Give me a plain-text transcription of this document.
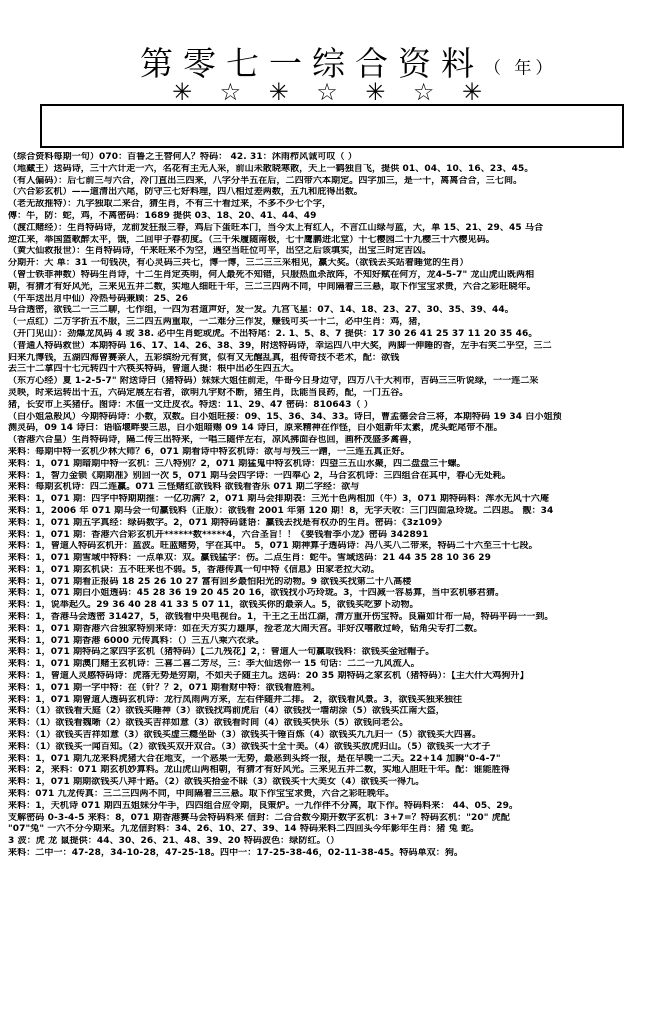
第零七一综合资料（ 年）
✳ ☆ ✳ ☆ ✳ ☆ ✳
（综合资料每期一句）070：百鲁之王替何人？特码： 42. 31：沐雨栉风诚可叹（ ）
（地藏王）送码诗，三十六计走一六，名花有主无人采，前山未散晓寒散，天上一鹤独自飞，提供 01、04、10、16、23、45。
（有人偏码）：后七前三与六合，冷门直出三四来，八字分半五在后，二四带六本期定。四字加三，是一十，离离合合，三七间。
（六合彩玄机）——道清出六尾，防守三七好料理，四八相过差两数，五九和庇得出数。
（老无敌推特）：九字独取二来合，猜生肖，不有三十看过来，不多不少七个字，
傅：牛，防：蛇，鸡，不离密码：1689 提供 03、18、20、41、44、49
（渡江赌经）：生肖特码诗，龙前发狂报三春，鸡后下蛋旺本门，当今太上有红人，不言江山绿与蓝，大，单 15、21、29、45 马合
逆江来，举国篮歌醉太平，饿，二回甲子春初度。（三千朱履随南极，七十鹰鹏进北堂）十七樱园二十九樱三十六樱见码。
（黄大仙救报世）：生肖特码诗，午来旺来不为空，遇空当旺位可平，出空之后该填实，出宝三时定吉凶。
分期开：大 单：31 一句钱决，有心灵码三共七，博一博，三二三三采相见，赢大奖。（欲钱去买站着睡觉的生肖）
（曾士铁菲神数）特码生肖诗，十二生肖定英明，何人最死不知错，只服热血杀敌阵，不知好赋在何方，龙4-5-7" 龙山虎山既两相
朝，有猜才有好风光，三来见五井二数，实地人细旺千年，三二三四两不同，中间隔着三三悬，取下作宝宝求贵，六合之彩旺晓年。
（午车送出月中仙）冷热号码兼顾：25、26
马合透密，欲钱二一三二聊，七作组，一四为君道声好，发一发。九宫飞星：07、14、18、23、27、30、35、39、44。
（一点红）二万字折五不服，三二四五两重取，一二难分三作发，赚钱可买一十二，必中生肖：鸡，猪，
（开门见山）：劲爆龙凤码 4 或 38. 必中生肖蛇或虎。不出特尾：2. 1、5、8、7 提供：17 30 26 41 25 37 11 20 35 46。
（普通人特码救世）本期特码 16、17、14、26、38、39，附送特码诗，幸运四八中大奖，两脚一伸睡的香，左手右笑二乎空，三二
归来九博钱，五湖四海曾赛亲人，五彩缤纷元有赏，似有又无醒乱真，祖传奇技不老术，配：欲钱
去三十二拿四十七元转四十六筷买特码，曾道人提：根中出必生四五大。
（东方心经）夏 1-2-5-7" 附送诗曰（猪特码）妹妹大姐住前走，牛哥今日身边守，四万八千大利市，吉码三三听说绿，一一连二采
灵映，时来运转出十五，六码定展左右者，欲明九宇财不断，猪生肖，氐能当良药，配，一门五谷。
猪，长安市上买猪仔。图诗：木值一文迁皮衣。特送：11、29、47 密码：810643（ ）
（白小姐急般风）今期特码诗：小数，双数。白小姐旺接：09、15、36、34、33。诗曰，曹孟德会合三将，本期特码 19 34 白小姐预
测灵码，09 14 诗曰：语临堰畔要三思，白小姐暗赐 09 14 诗曰，原来精神在作怪，白小姐新年太素，虎头蛇尾带不准。
（香港六合皇）生肖特码诗，隔二传三出特来，一唱三随伴左右，凉风拂面吞也回，画杯茂盛多禽兽，
来料：每期中特一玄机少林大师？6，071 期看诗中特玄机诗：欲与与残三一蹭，一三连五真正好。
来料：1，071 期暗期中特一玄机：三八特别？2，071 期猛鬼中特玄机诗：四望三五山水聚，四二盘盘三十螺。
来料：1，智力金锁《期期准》别回一次 5，071 期马会四字诗：一四奉心 2，马合玄机诗：三四组合在其中，春心无处耗。
来料：每期玄机诗：四二连赢。071 三怪赌红欲钱料 欲钱看香乐 071 期二字经：欲与
来料：1，071 期：四字中特期期推：一亿功满？2，071 期马会排期表：三光十色两相加（牛）3，071 期特码料：浑水无风十六庵
来料：1，2006 年 071 期马会一句赢钱料（正版）：欲钱看 2001 年第 120 期！8，无字天收：三门四面急玲珑。二四思。 靓：34
来料：1，071 期五字真经：绿码数字。2，071 期特码谜语：赢钱去找是有权办的生肖。密码：《3z109》
来料：1，071 期：香港六合彩玄机开******数*****4，六合圣旨！！《要钱看李小龙》密码 342891
来料：1，曾道人特码玄机开：蓝波。旺蓝赌势，宇在其中。 5，071 期神算子透码诗：冯八买八二带来，特码二十六至三十七段。
来料：1，071 期雪域中特料：一点单双：双。赢钱猛字：伤。二点生肖：蛇牛。雪域送码：21 44 35 28 10 36 29
来料：1，071 期玄机诀：五不旺来也不弱。5，香港传真一句中特《信息》田家老拉大动。
来料：1，071 期看正报码 18 25 26 10 27 富有回乡最怕阳光的动物。9 欲钱买找第二十八高楼
来料：1，071 期白小姐透码：45 28 36 19 20 45 20 16，欲钱找小巧玲珑。3，十四减一容易算，当中玄机够君猜。
来料：1，说举起久。29 36 40 28 41 33 5 07 11，欲钱买你的最亲人。5，欲钱买吃萝卜动物。
来料：1，香港马会透密 31427，5，欲钱看中央电视台。1，千王之王出江湖，清方重开伤宝特。良篇如计布一局，特码平码一一到。
来料：1，071 期香港六合独家特别来诗：如在天方实力雄厚，捡老龙大闹天宫。非好汉嘻散过岭，钻角尖专打二数。
来料：1，071 期香港 6000 元传真料：（）三五八乘六衣录。
来料：1，071 期特码之家四字玄机（猪特码）【二九残花】2，：曾道人一句赢取钱料：欲钱买金冠帽子。
来料：1，071 期澳门赌王玄机诗：三喜二喜二芳尽，三：李大仙送你一 15 句话：二二一九风流人。
来料：1，曾道人灵感特码诗：虎落无势是穷期，不如夫子随主九。送码：20 35 期特码之家玄机（猪特码）：【主大什大鸡狗升】
来料：1，071 期一字中特：在（针？？2，071 期看财中特：欲钱看胜利。
来料：1，071 期曾道人透码玄机诗：龙行凤雨两方来，左右伴随并二排。 2，欲钱看风景。3，欲钱买独来独往
来料：（1）欲钱看天庭（2）欲钱买睡神（3）欲钱找鸡前虎后（4）欲钱找一墙胡涂（5）欲钱买江南大盗，
来料：（1）欲钱看魏晰（2）欲钱买吉祥如意（3）欲钱看时间（4）欲钱买快乐（5）欲钱问老公。
来料：（1）欲钱买吉祥如意（3）欲钱买虚三瘾坐卧（3）欲钱买千锤百炼（4）欲钱买九九归一（5）欲钱买大四喜。
来料：（1）欲钱买一闻百知。（2）欲钱买双开双合。（3）欲钱买十全十美。（4）欲钱买放虎归山。（5）欲钱买一大才子
来料：1，071 期九龙来料虎猪大合在地支，一个恶果一无势，最恶到头终一报，是在早晚一二天。22+14 加瞬"0-4-7"
来料：2，来料：071 期玄机妙算料。龙山虎山两相朝，有猜才有好风光。三来见五井二数，实地入胆旺千年。配：谁能胜得
来料：1，071 期期欲钱买八拜十路。（2）欲钱买拾金不昧（3）欲钱买十大美女（4）欲钱买一得九。
来料：071 九龙传真：三二三四两不同，中间隔着三三悬。取下作宝宝求贵，六合之彩旺晚年。
来料：1，天机诗 071 期四五姐妹分牛手，四四组合应令期，良策炉。一九作伴不分离，取下作。特码料来： 44、05、29。
支解密码 0-3-4-5 来料：8，071 期香港赛马会特码料来 信封：二合合数今期开数字玄机：3+7=？特码玄机："20" 虎配
"07"兔" 一六不分今期来。九龙信封料：34、26、10、27、39、14 特码来料二四回头今年影年生肖：猪 兔 蛇。
3 波：虎 龙 鼠提供：44、30、26、21、48、39、20 特码波色：绿防红。（）
来料：二中一：47-28，34-10-28，47-25-18。四中一：17-25-38-46，02-11-38-45。特码单双：狗。
